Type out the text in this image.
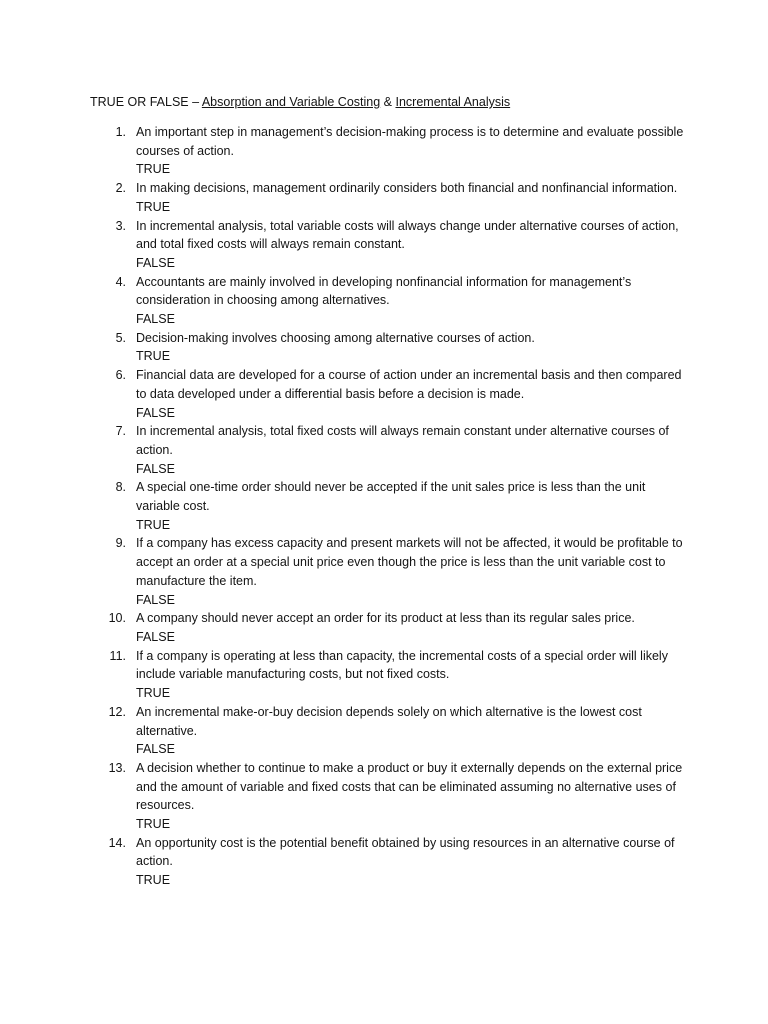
TRUE OR FALSE – Absorption and Variable Costing & Incremental Analysis
1. An important step in management’s decision-making process is to determine and evaluate possible courses of action.
TRUE
2. In making decisions, management ordinarily considers both financial and nonfinancial information.
TRUE
3. In incremental analysis, total variable costs will always change under alternative courses of action, and total fixed costs will always remain constant.
FALSE
4. Accountants are mainly involved in developing nonfinancial information for management’s consideration in choosing among alternatives.
FALSE
5. Decision-making involves choosing among alternative courses of action.
TRUE
6. Financial data are developed for a course of action under an incremental basis and then compared to data developed under a differential basis before a decision is made.
FALSE
7. In incremental analysis, total fixed costs will always remain constant under alternative courses of action.
FALSE
8. A special one-time order should never be accepted if the unit sales price is less than the unit variable cost.
TRUE
9. If a company has excess capacity and present markets will not be affected, it would be profitable to accept an order at a special unit price even though the price is less than the unit variable cost to manufacture the item.
FALSE
10. A company should never accept an order for its product at less than its regular sales price.
FALSE
11. If a company is operating at less than capacity, the incremental costs of a special order will likely include variable manufacturing costs, but not fixed costs.
TRUE
12. An incremental make-or-buy decision depends solely on which alternative is the lowest cost alternative.
FALSE
13. A decision whether to continue to make a product or buy it externally depends on the external price and the amount of variable and fixed costs that can be eliminated assuming no alternative uses of resources.
TRUE
14. An opportunity cost is the potential benefit obtained by using resources in an alternative course of action.
TRUE
